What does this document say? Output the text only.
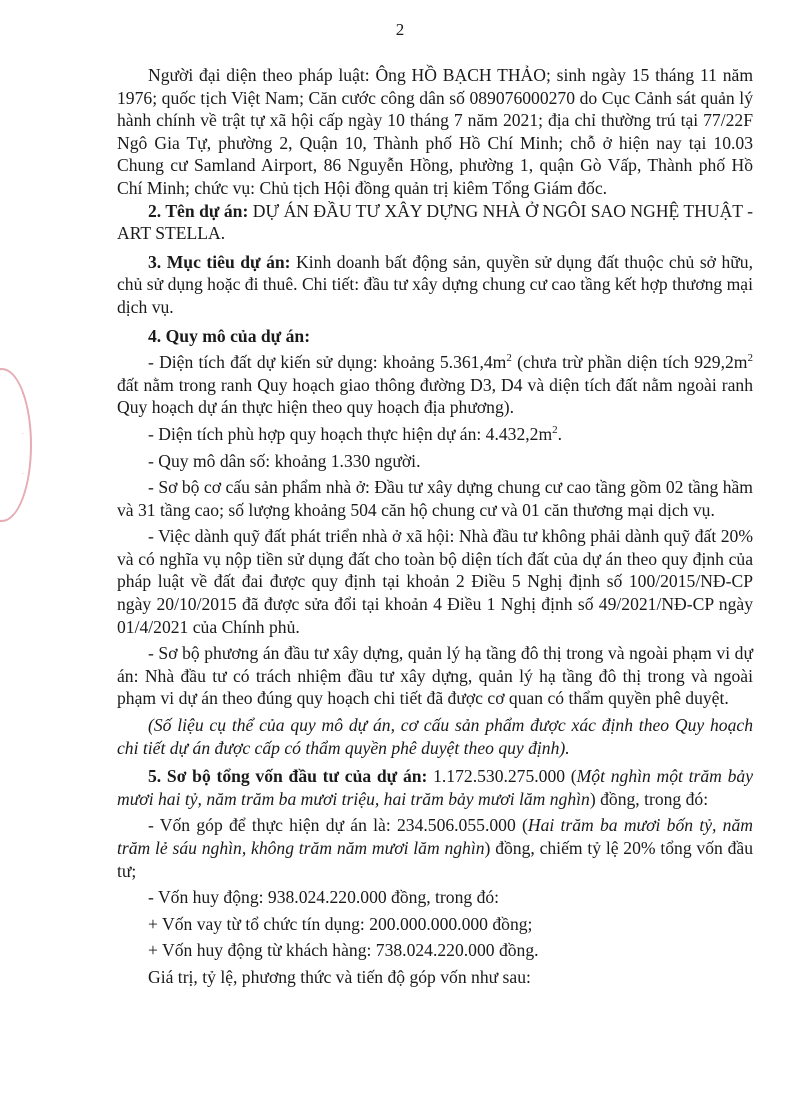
·
·
·
2

Người đại diện theo pháp luật: Ông HỒ BẠCH THẢO; sinh ngày 15 tháng 11 năm 1976; quốc tịch Việt Nam; Căn cước công dân số 089076000270 do Cục Cảnh sát quản lý hành chính về trật tự xã hội cấp ngày 10 tháng 7 năm 2021; địa chỉ thường trú tại 77/22F Ngô Gia Tự, phường 2, Quận 10, Thành phố Hồ Chí Minh; chỗ ở hiện nay tại 10.03 Chung cư Samland Airport, 86 Nguyễn Hồng, phường 1, quận Gò Vấp, Thành phố Hồ Chí Minh; chức vụ: Chủ tịch Hội đồng quản trị kiêm Tổng Giám đốc.

2. Tên dự án: DỰ ÁN ĐẦU TƯ XÂY DỰNG NHÀ Ở NGÔI SAO NGHỆ THUẬT - ART STELLA.

3. Mục tiêu dự án: Kinh doanh bất động sản, quyền sử dụng đất thuộc chủ sở hữu, chủ sử dụng hoặc đi thuê. Chi tiết: đầu tư xây dựng chung cư cao tầng kết hợp thương mại dịch vụ.

4. Quy mô của dự án:

- Diện tích đất dự kiến sử dụng: khoảng $5.361,4m^2$ (chưa trừ phần diện tích $929,2m^2$ đất nằm trong ranh Quy hoạch giao thông đường D3, D4 và diện tích đất nằm ngoài ranh Quy hoạch dự án thực hiện theo quy hoạch địa phương).

- Diện tích phù hợp quy hoạch thực hiện dự án: $4.432,2m^2$.

- Quy mô dân số: khoảng 1.330 người.

- Sơ bộ cơ cấu sản phẩm nhà ở: Đầu tư xây dựng chung cư cao tầng gồm 02 tầng hầm và 31 tầng cao; số lượng khoảng 504 căn hộ chung cư và 01 căn thương mại dịch vụ.

- Việc dành quỹ đất phát triển nhà ở xã hội: Nhà đầu tư không phải dành quỹ đất 20% và có nghĩa vụ nộp tiền sử dụng đất cho toàn bộ diện tích đất của dự án theo quy định của pháp luật về đất đai được quy định tại khoản 2 Điều 5 Nghị định số 100/2015/NĐ-CP ngày 20/10/2015 đã được sửa đổi tại khoản 4 Điều 1 Nghị định số 49/2021/NĐ-CP ngày 01/4/2021 của Chính phủ.

- Sơ bộ phương án đầu tư xây dựng, quản lý hạ tầng đô thị trong và ngoài phạm vi dự án: Nhà đầu tư có trách nhiệm đầu tư xây dựng, quản lý hạ tầng đô thị trong và ngoài phạm vi dự án theo đúng quy hoạch chi tiết đã được cơ quan có thẩm quyền phê duyệt.

(Số liệu cụ thể của quy mô dự án, cơ cấu sản phẩm được xác định theo Quy hoạch chi tiết dự án được cấp có thẩm quyền phê duyệt theo quy định).

5. Sơ bộ tổng vốn đầu tư của dự án: 1.172.530.275.000 (Một nghìn một trăm bảy mươi hai tỷ, năm trăm ba mươi triệu, hai trăm bảy mươi lăm nghìn) đồng, trong đó:

- Vốn góp để thực hiện dự án là: 234.506.055.000 (Hai trăm ba mươi bốn tỷ, năm trăm lẻ sáu nghìn, không trăm năm mươi lăm nghìn) đồng, chiếm tỷ lệ 20% tổng vốn đầu tư;

- Vốn huy động: 938.024.220.000 đồng, trong đó:

+ Vốn vay từ tổ chức tín dụng: 200.000.000.000 đồng;

+ Vốn huy động từ khách hàng: 738.024.220.000 đồng.

Giá trị, tỷ lệ, phương thức và tiến độ góp vốn như sau:
